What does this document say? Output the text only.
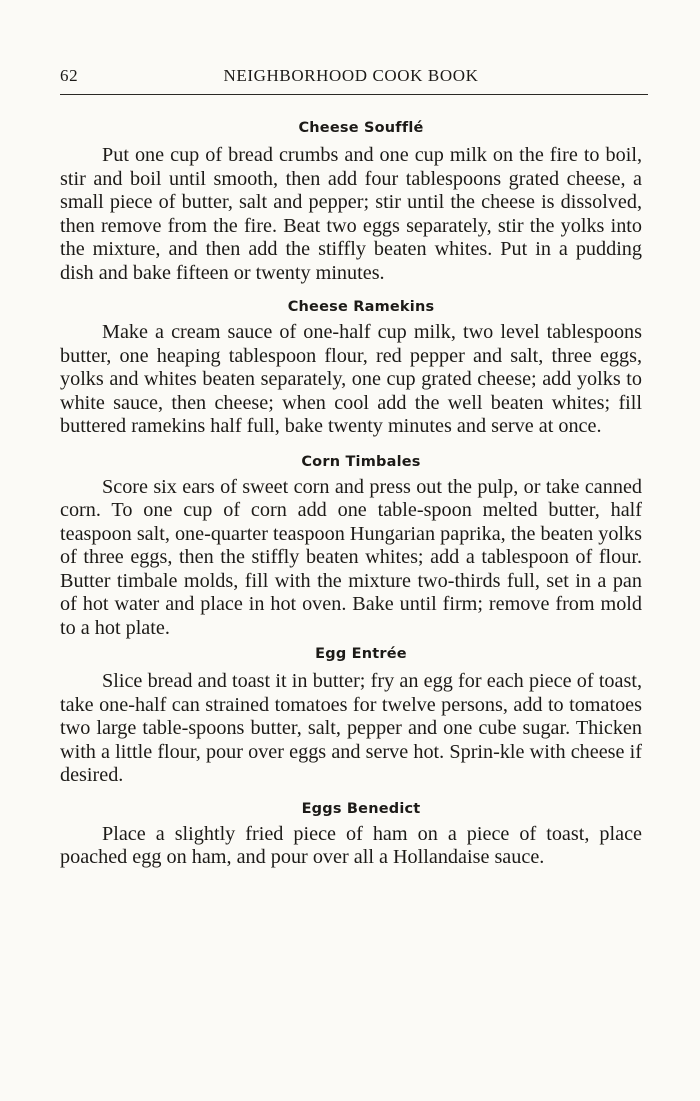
62	NEIGHBORHOOD COOK BOOK
Cheese Soufflé

Put one cup of bread crumbs and one cup milk on the fire to boil, stir and boil until smooth, then add four tablespoons grated cheese, a small piece of butter, salt and pepper; stir until the cheese is dissolved, then remove from the fire. Beat two eggs separately, stir the yolks into the mixture, and then add the stiffly beaten whites. Put in a pudding dish and bake fifteen or twenty minutes.

Cheese Ramekins

Make a cream sauce of one-half cup milk, two level tablespoons butter, one heaping tablespoon flour, red pepper and salt, three eggs, yolks and whites beaten separately, one cup grated cheese; add yolks to white sauce, then cheese; when cool add the well beaten whites; fill buttered ramekins half full, bake twenty minutes and serve at once.

Corn Timbales

Score six ears of sweet corn and press out the pulp, or take canned corn. To one cup of corn add one table-spoon melted butter, half teaspoon salt, one-quarter teaspoon Hungarian paprika, the beaten yolks of three eggs, then the stiffly beaten whites; add a tablespoon of flour. Butter timbale molds, fill with the mixture two-thirds full, set in a pan of hot water and place in hot oven. Bake until firm; remove from mold to a hot plate.

Egg Entrée

Slice bread and toast it in butter; fry an egg for each piece of toast, take one-half can strained tomatoes for twelve persons, add to tomatoes two large table-spoons butter, salt, pepper and one cube sugar. Thicken with a little flour, pour over eggs and serve hot. Sprin-kle with cheese if desired.

Eggs Benedict

Place a slightly fried piece of ham on a piece of toast, place poached egg on ham, and pour over all a Hollandaise sauce.
